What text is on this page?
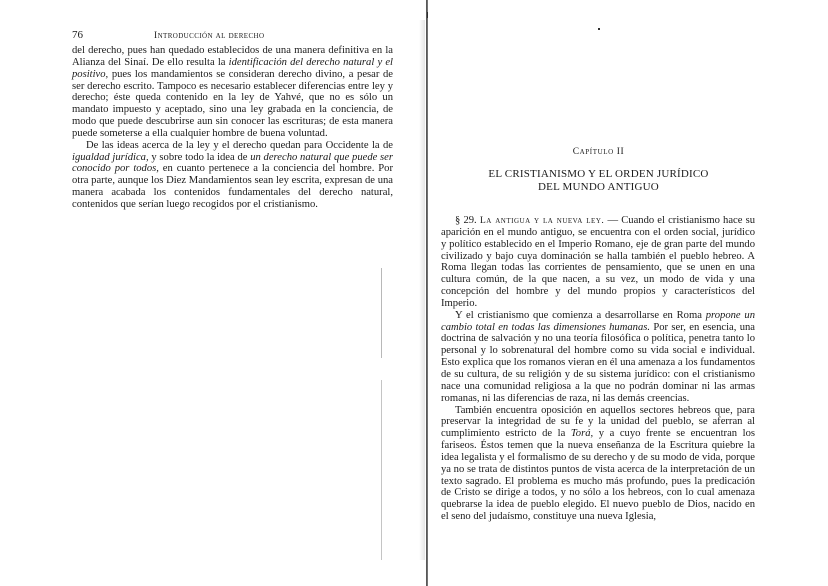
76	Introducción al derecho

del derecho, pues han quedado establecidos de una manera definitiva en la Alianza del Sinaí. De ello resulta la identificación del derecho natural y el positivo, pues los mandamientos se consideran derecho divino, a pesar de ser derecho escrito. Tampoco es necesario establecer diferencias entre ley y derecho; éste queda contenido en la ley de Yahvé, que no es sólo un mandato impuesto y aceptado, sino una ley grabada en la conciencia, de modo que puede descubrirse aun sin conocer las escrituras; de esta manera puede someterse a ella cualquier hombre de buena voluntad.

De las ideas acerca de la ley y el derecho quedan para Occidente la de igualdad jurídica, y sobre todo la idea de un derecho natural que puede ser conocido por todos, en cuanto pertenece a la conciencia del hombre. Por otra parte, aunque los Diez Mandamientos sean ley escrita, expresan de una manera acabada los contenidos fundamentales del derecho natural, contenidos que serían luego recogidos por el cristianismo.

Capítulo II
EL CRISTIANISMO Y EL ORDEN JURÍDICO
DEL MUNDO ANTIGUO

§ 29. La antigua y la nueva ley. — Cuando el cristianismo hace su aparición en el mundo antiguo, se encuentra con el orden social, jurídico y político establecido en el Imperio Romano, eje de gran parte del mundo civilizado y bajo cuya dominación se halla también el pueblo hebreo. A Roma llegan todas las corrientes de pensamiento, que se unen en una cultura común, de la que nacen, a su vez, un modo de vida y una concepción del hombre y del mundo propios y característicos del Imperio.

Y el cristianismo que comienza a desarrollarse en Roma propone un cambio total en todas las dimensiones humanas. Por ser, en esencia, una doctrina de salvación y no una teoría filosófica o política, penetra tanto lo personal y lo sobrenatural del hombre como su vida social e individual. Esto explica que los romanos vieran en él una amenaza a los fundamentos de su cultura, de su religión y de su sistema jurídico: con el cristianismo nace una comunidad religiosa a la que no podrán dominar ni las armas romanas, ni las diferencias de raza, ni las demás creencias.

También encuentra oposición en aquellos sectores hebreos que, para preservar la integridad de su fe y la unidad del pueblo, se aferran al cumplimiento estricto de la Torá, y a cuyo frente se encuentran los fariseos. Éstos temen que la nueva enseñanza de la Escritura quiebre la idea legalista y el formalismo de su derecho y de su modo de vida, porque ya no se trata de distintos puntos de vista acerca de la interpretación de un texto sagrado. El problema es mucho más profundo, pues la predicación de Cristo se dirige a todos, y no sólo a los hebreos, con lo cual amenaza quebrarse la idea de pueblo elegido. El nuevo pueblo de Dios, nacido en el seno del judaísmo, constituye una nueva Iglesia,
